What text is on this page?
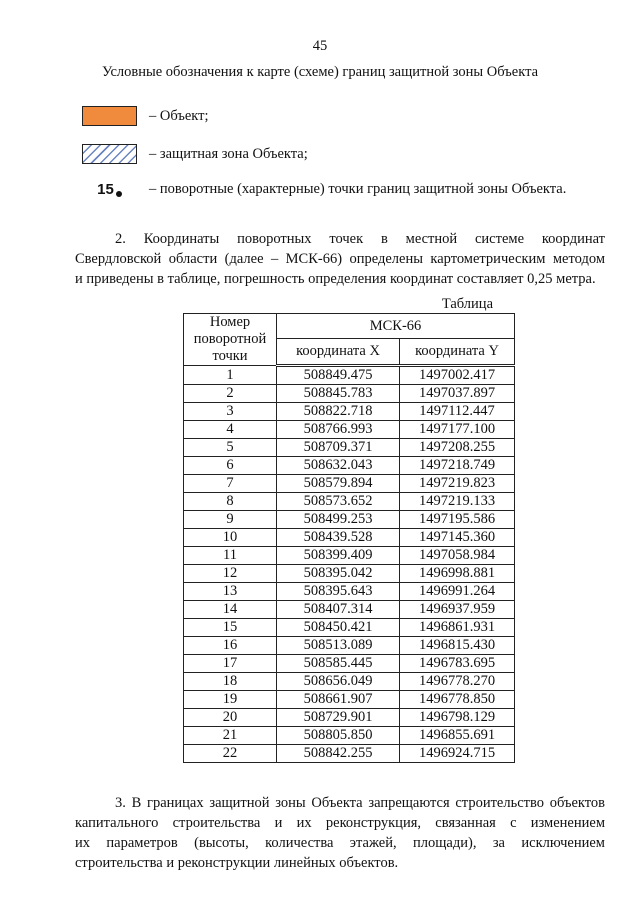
45
Условные обозначения к карте (схеме) границ защитной зоны Объекта
– Объект;
– защитная зона Объекта;
15	– поворотные (характерные) точки границ защитной зоны Объекта.
2. Координаты поворотных точек в местной системе координат
Свердловской области (далее – МСК-66) определены картометрическим методом
и приведены в таблице, погрешность определения координат составляет 0,25 метра.
Таблица
Номер поворотной точки	МСК-66	
	координата X	координата Y
1	508849.475	1497002.417
2	508845.783	1497037.897
3	508822.718	1497112.447
4	508766.993	1497177.100
5	508709.371	1497208.255
6	508632.043	1497218.749
7	508579.894	1497219.823
8	508573.652	1497219.133
9	508499.253	1497195.586
10	508439.528	1497145.360
11	508399.409	1497058.984
12	508395.042	1496998.881
13	508395.643	1496991.264
14	508407.314	1496937.959
15	508450.421	1496861.931
16	508513.089	1496815.430
17	508585.445	1496783.695
18	508656.049	1496778.270
19	508661.907	1496778.850
20	508729.901	1496798.129
21	508805.850	1496855.691
22	508842.255	1496924.715
3. В границах защитной зоны Объекта запрещаются строительство объектов
капитального строительства и их реконструкция, связанная с изменением
их параметров (высоты, количества этажей, площади), за исключением
строительства и реконструкции линейных объектов.
